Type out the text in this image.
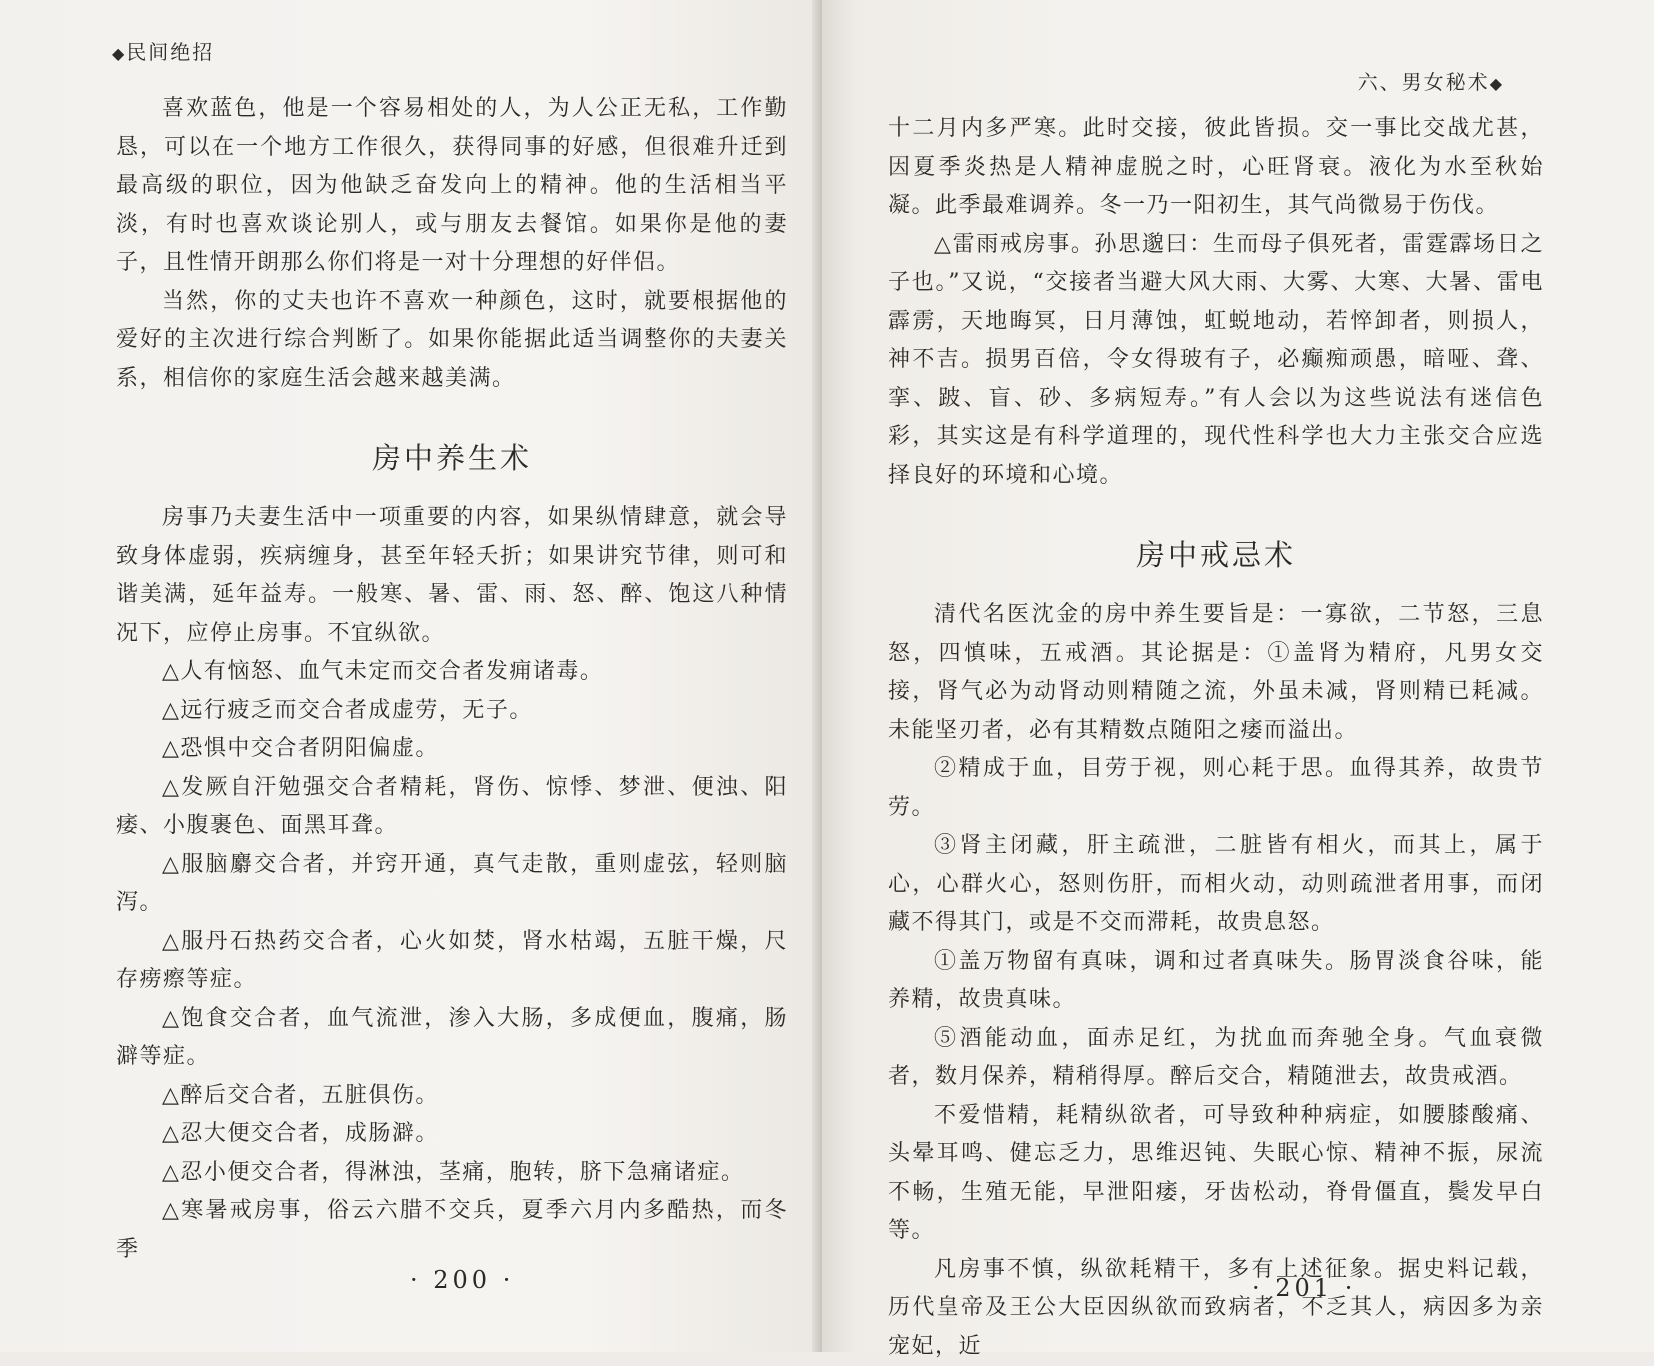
◆民间绝招

喜欢蓝色，他是一个容易相处的人，为人公正无私，工作勤恳，可以在一个地方工作很久，获得同事的好感，但很难升迁到最高级的职位，因为他缺乏奋发向上的精神。他的生活相当平淡，有时也喜欢谈论别人，或与朋友去餐馆。如果你是他的妻子，且性情开朗那么你们将是一对十分理想的好伴侣。

当然，你的丈夫也许不喜欢一种颜色，这时，就要根据他的爱好的主次进行综合判断了。如果你能据此适当调整你的夫妻关系，相信你的家庭生活会越来越美满。

房中养生术

房事乃夫妻生活中一项重要的内容，如果纵情肆意，就会导致身体虚弱，疾病缠身，甚至年轻夭折；如果讲究节律，则可和谐美满，延年益寿。一般寒、暑、雷、雨、怒、醉、饱这八种情况下，应停止房事。不宜纵欲。

△人有恼怒、血气未定而交合者发痈诸毒。

△远行疲乏而交合者成虚劳，无子。

△恐惧中交合者阴阳偏虚。

△发厥自汗勉强交合者精耗，肾伤、惊悸、梦泄、便浊、阳痿、小腹裹色、面黑耳聋。

△服脑麝交合者，并窍开通，真气走散，重则虚弦，轻则脑泻。

△服丹石热药交合者，心火如焚，肾水枯竭，五脏干燥，尺存痨瘵等症。

△饱食交合者，血气流泄，渗入大肠，多成便血，腹痛，肠澼等症。

△醉后交合者，五脏俱伤。

△忍大便交合者，成肠澼。

△忍小便交合者，得淋浊，茎痛，胞转，脐下急痛诸症。

△寒暑戒房事，俗云六腊不交兵，夏季六月内多酷热，而冬季

· 200 ·
六、男女秘术◆

十二月内多严寒。此时交接，彼此皆损。交一事比交战尤甚，因夏季炎热是人精神虚脱之时，心旺肾衰。液化为水至秋始凝。此季最难调养。冬一乃一阳初生，其气尚微易于伤伐。

△雷雨戒房事。孙思邈曰：生而母子俱死者，雷霆霹场日之子也。”又说，“交接者当避大风大雨、大雾、大寒、大暑、雷电霹雳，天地晦冥，日月薄蚀，虹蜕地动，若悴卸者，则损人，神不吉。损男百倍，令女得玻有子，必癫痴顽愚，暗哑、聋、挛、跛、盲、砂、多病短寿。”有人会以为这些说法有迷信色彩，其实这是有科学道理的，现代性科学也大力主张交合应选择良好的环境和心境。

房中戒忌术

清代名医沈金的房中养生要旨是：一寡欲，二节怒，三息怒，四慎味，五戒酒。其论据是：①盖肾为精府，凡男女交接，肾气必为动肾动则精随之流，外虽未减，肾则精已耗减。未能坚刃者，必有其精数点随阳之痿而溢出。

②精成于血，目劳于视，则心耗于思。血得其养，故贵节劳。

③肾主闭藏，肝主疏泄，二脏皆有相火，而其上，属于心，心群火心，怒则伤肝，而相火动，动则疏泄者用事，而闭藏不得其门，或是不交而滞耗，故贵息怒。

①盖万物留有真味，调和过者真味失。肠胃淡食谷味，能养精，故贵真味。

⑤酒能动血，面赤足红，为扰血而奔驰全身。气血衰微者，数月保养，精稍得厚。醉后交合，精随泄去，故贵戒酒。

不爱惜精，耗精纵欲者，可导致种种病症，如腰膝酸痛、头晕耳鸣、健忘乏力，思维迟钝、失眠心惊、精神不振，尿流不畅，生殖无能，早泄阳痿，牙齿松动，脊骨僵直，鬓发早白等。

凡房事不慎，纵欲耗精干，多有上述征象。据史料记载，历代皇帝及王公大臣因纵欲而致病者，不乏其人，病因多为亲宠妃，近

· 201 ·
